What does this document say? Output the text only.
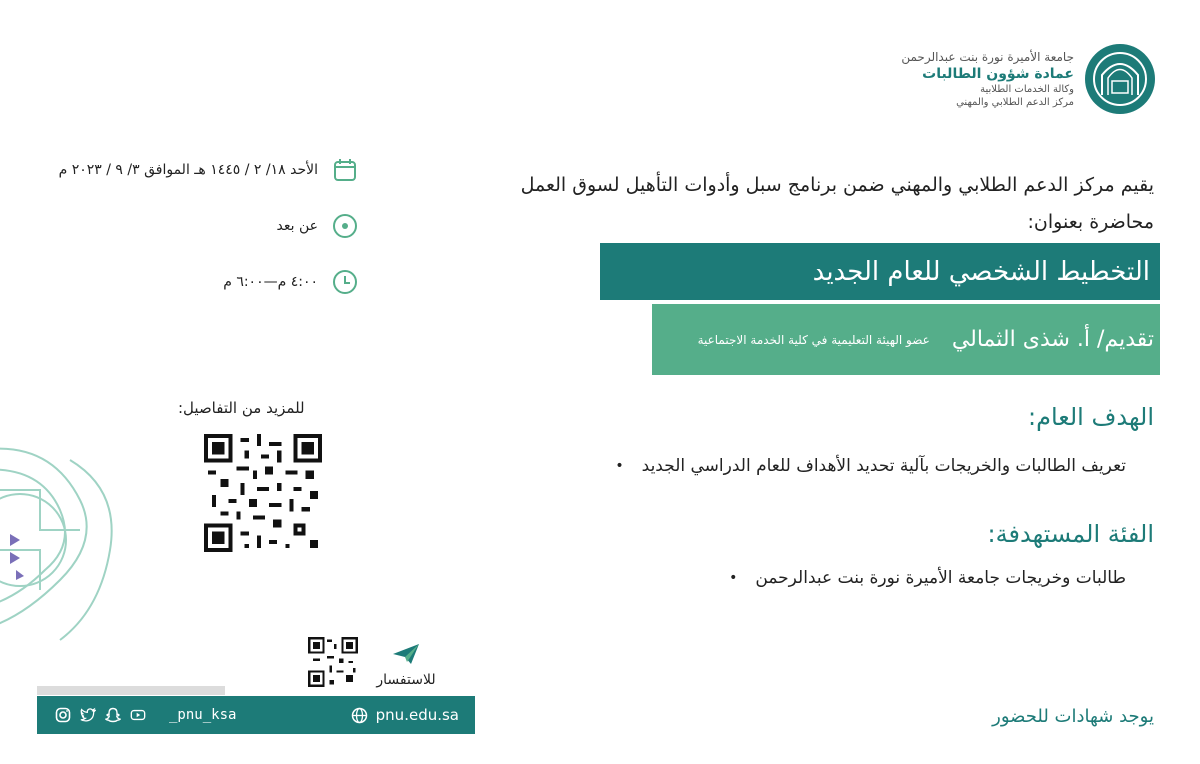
جامعة الأميرة نورة بنت عبدالرحمن
عمادة شؤون الطالبات
وكالة الخدمات الطلابية
مركز الدعم الطلابي والمهني
الأحد ١٨/ ٢ / ١٤٤٥ هـ الموافق ٣/ ٩ / ٢٠٢٣ م
عن بعد
٤:٠٠ م—٦:٠٠ م
يقيم مركز الدعم الطلابي والمهني ضمن برنامج سبل وأدوات التأهيل لسوق العمل
محاضرة بعنوان:
التخطيط الشخصي للعام الجديد
تقديم/ أ. شذى الثمالي
عضو الهيئة التعليمية في كلية الخدمة الاجتماعية
الهدف العام:
• تعريف الطالبات والخريجات بآلية تحديد الأهداف للعام الدراسي الجديد
الفئة المستهدفة:
• طالبات وخريجات جامعة الأميرة نورة بنت عبدالرحمن
للمزيد من التفاصيل:
للاستفسار
_pnu_ksa	pnu.edu.sa	يوجد شهادات للحضور
